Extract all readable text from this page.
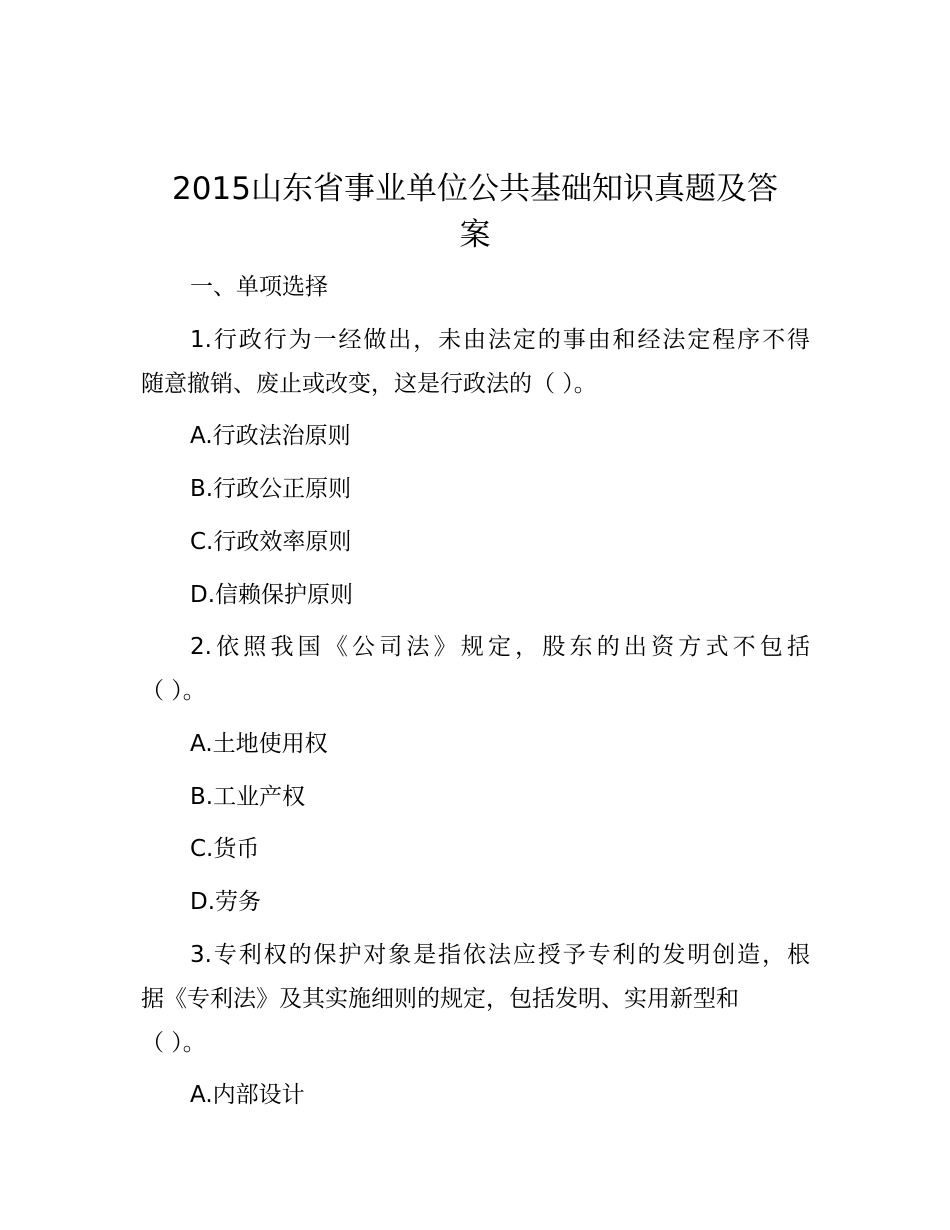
2015山东省事业单位公共基础知识真题及答
案

一、单项选择

1.行政行为一经做出，未由法定的事由和经法定程序不得

随意撤销、废止或改变，这是行政法的（ ）。

A.行政法治原则

B.行政公正原则

C.行政效率原则

D.信赖保护原则

2.依照我国《公司法》规定，股东的出资方式不包括

（ ）。

A.土地使用权

B.工业产权

C.货币

D.劳务

3.专利权的保护对象是指依法应授予专利的发明创造，根

据《专利法》及其实施细则的规定，包括发明、实用新型和

（ ）。

A.内部设计
